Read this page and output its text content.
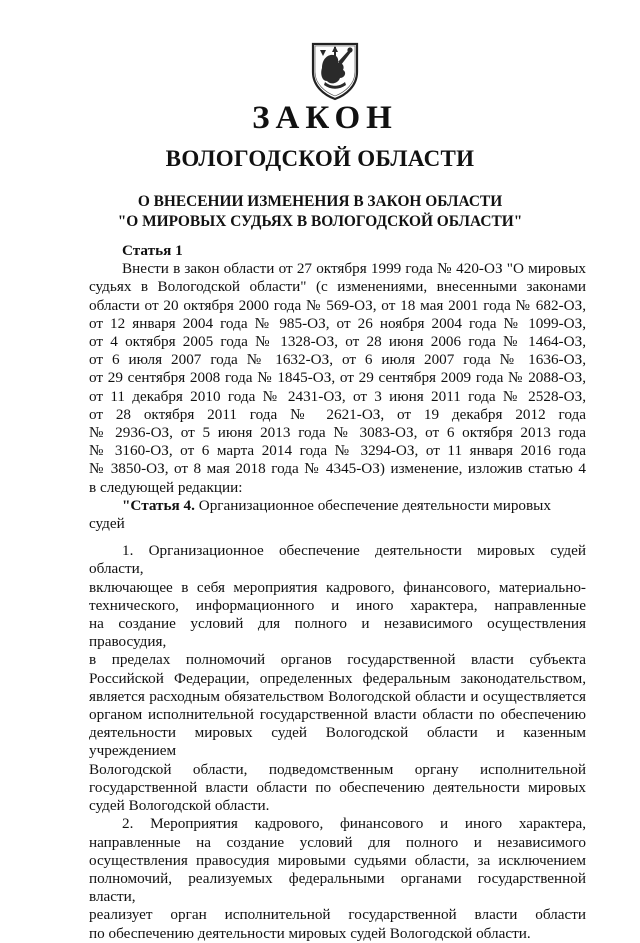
ЗАКОН
ВОЛОГОДСКОЙ ОБЛАСТИ
О ВНЕСЕНИИ ИЗМЕНЕНИЯ В ЗАКОН ОБЛАСТИ
"О МИРОВЫХ СУДЬЯХ В ВОЛОГОДСКОЙ ОБЛАСТИ"
Статья 1
Внести в закон области от 27 октября 1999 года № 420-ОЗ "О мировых
судьях в Вологодской области" (с изменениями, внесенными законами
области от 20 октября 2000 года № 569-ОЗ, от 18 мая 2001 года № 682-ОЗ,
от 12 января 2004 года № 985-ОЗ, от 26 ноября 2004 года № 1099-ОЗ,
от 4 октября 2005 года № 1328-ОЗ, от 28 июня 2006 года № 1464-ОЗ,
от 6 июля 2007 года № 1632-ОЗ, от 6 июля 2007 года № 1636-ОЗ,
от 29 сентября 2008 года № 1845-ОЗ, от 29 сентября 2009 года № 2088-ОЗ,
от 11 декабря 2010 года № 2431-ОЗ, от 3 июня 2011 года № 2528-ОЗ,
от 28 октября 2011 года № 2621-ОЗ, от 19 декабря 2012 года
№ 2936-ОЗ, от 5 июня 2013 года № 3083-ОЗ, от 6 октября 2013 года
№ 3160-ОЗ, от 6 марта 2014 года № 3294-ОЗ, от 11 января 2016 года
№ 3850-ОЗ, от 8 мая 2018 года № 4345-ОЗ) изменение, изложив статью 4
в следующей редакции:
"Статья 4. Организационное обеспечение деятельности мировых судей
1. Организационное обеспечение деятельности мировых судей области,
включающее в себя мероприятия кадрового, финансового, материально-
технического, информационного и иного характера, направленные
на создание условий для полного и независимого осуществления правосудия,
в пределах полномочий органов государственной власти субъекта
Российской Федерации, определенных федеральным законодательством,
является расходным обязательством Вологодской области и осуществляется
органом исполнительной государственной власти области по обеспечению
деятельности мировых судей Вологодской области и казенным учреждением
Вологодской области, подведомственным органу исполнительной
государственной власти области по обеспечению деятельности мировых
судей Вологодской области.
2. Мероприятия кадрового, финансового и иного характера,
направленные на создание условий для полного и независимого
осуществления правосудия мировыми судьями области, за исключением
полномочий, реализуемых федеральными органами государственной власти,
реализует орган исполнительной государственной власти области
по обеспечению деятельности мировых судей Вологодской области.
